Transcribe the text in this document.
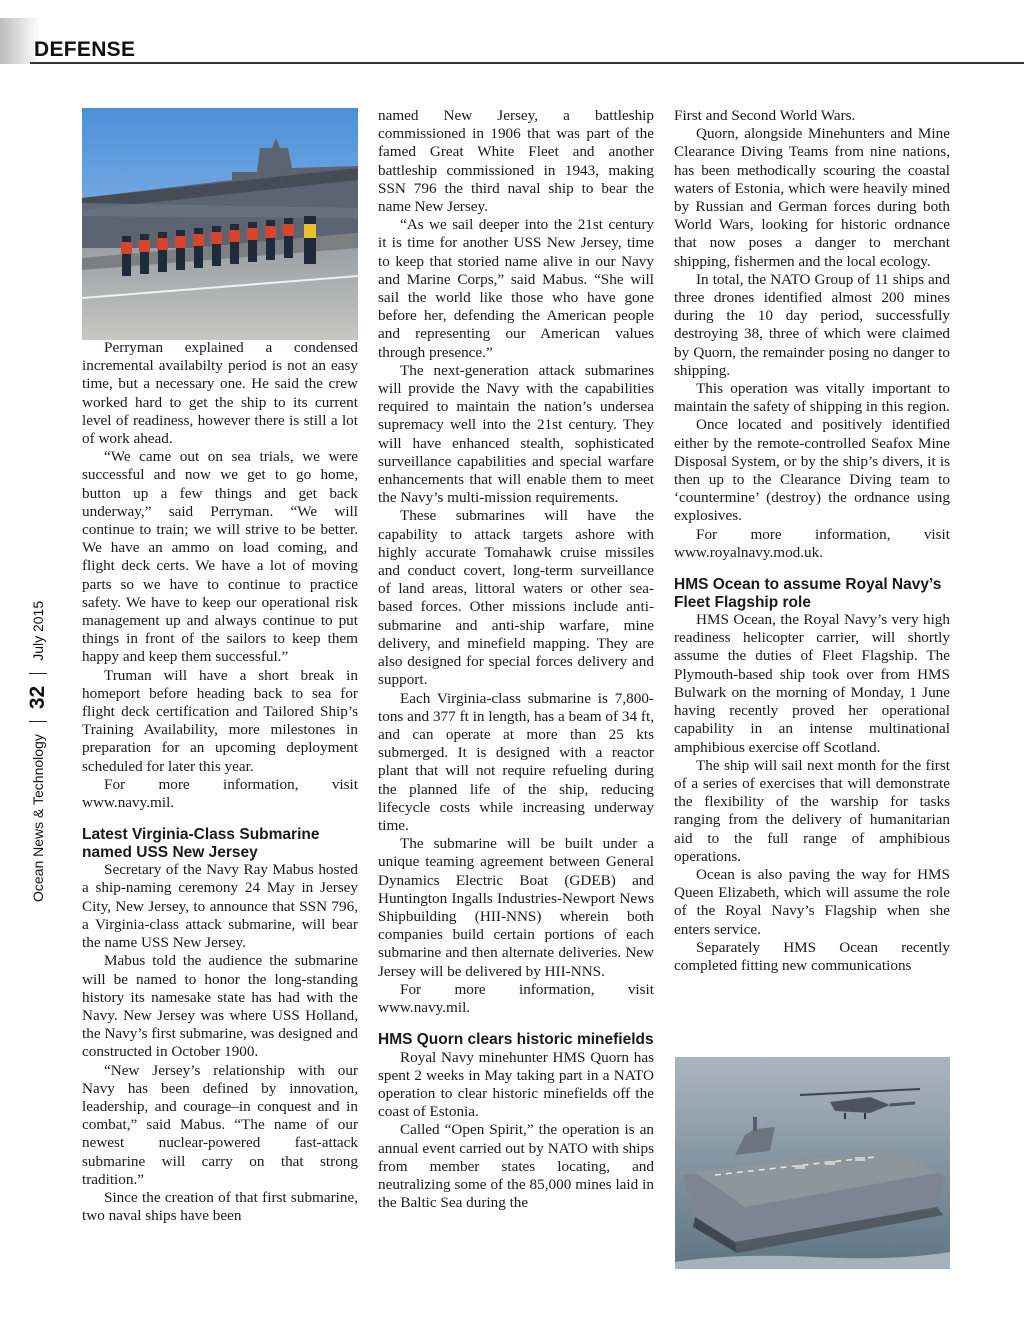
DEFENSE
Ocean News & Technology
32
July 2015

Perryman explained a condensed incremental availabilty period is not an easy time, but a necessary one. He said the crew worked hard to get the ship to its current level of readiness, however there is still a lot of work ahead.

“We came out on sea trials, we were successful and now we get to go home, button up a few things and get back underway,” said Perryman. “We will continue to train; we will strive to be better. We have an ammo on load coming, and flight deck certs. We have a lot of moving parts so we have to continue to practice safety. We have to keep our operational risk management up and always continue to put things in front of the sailors to keep them happy and keep them successful.”

Truman will have a short break in homeport before heading back to sea for flight deck certification and Tailored Ship’s Training Availability, more milestones in preparation for an upcoming deployment scheduled for later this year.

For more information, visit www.navy.mil.

Latest Virginia-Class Submarine named USS New Jersey

Secretary of the Navy Ray Mabus hosted a ship-naming ceremony 24 May in Jersey City, New Jersey, to announce that SSN 796, a Virginia-class attack submarine, will bear the name USS New Jersey.

Mabus told the audience the submarine will be named to honor the long-standing history its namesake state has had with the Navy. New Jersey was where USS Holland, the Navy’s first submarine, was designed and constructed in October 1900.

“New Jersey’s relationship with our Navy has been defined by innovation, leadership, and courage–in conquest and in combat,” said Mabus. “The name of our newest nuclear-powered fast-attack submarine will carry on that strong tradition.”

Since the creation of that first submarine, two naval ships have been

named New Jersey, a battleship commissioned in 1906 that was part of the famed Great White Fleet and another battleship commissioned in 1943, making SSN 796 the third naval ship to bear the name New Jersey.

“As we sail deeper into the 21st century it is time for another USS New Jersey, time to keep that storied name alive in our Navy and Marine Corps,” said Mabus. “She will sail the world like those who have gone before her, defending the American people and representing our American values through presence.”

The next-generation attack submarines will provide the Navy with the capabilities required to maintain the nation’s undersea supremacy well into the 21st century. They will have enhanced stealth, sophisticated surveillance capabilities and special warfare enhancements that will enable them to meet the Navy’s multi-mission requirements.

These submarines will have the capability to attack targets ashore with highly accurate Tomahawk cruise missiles and conduct covert, long-term surveillance of land areas, littoral waters or other sea-based forces. Other missions include anti-submarine and anti-ship warfare, mine delivery, and minefield mapping. They are also designed for special forces delivery and support.

Each Virginia-class submarine is 7,800-tons and 377 ft in length, has a beam of 34 ft, and can operate at more than 25 kts submerged. It is designed with a reactor plant that will not require refueling during the planned life of the ship, reducing lifecycle costs while increasing underway time.

The submarine will be built under a unique teaming agreement between General Dynamics Electric Boat (GDEB) and Huntington Ingalls Industries-Newport News Shipbuilding (HII-NNS) wherein both companies build certain portions of each submarine and then alternate deliveries. New Jersey will be delivered by HII-NNS.

For more information, visit www.navy.mil.

HMS Quorn clears historic minefields

Royal Navy minehunter HMS Quorn has spent 2 weeks in May taking part in a NATO operation to clear historic minefields off the coast of Estonia.

Called “Open Spirit,” the operation is an annual event carried out by NATO with ships from member states locating, and neutralizing some of the 85,000 mines laid in the Baltic Sea during the

First and Second World Wars.

Quorn, alongside Minehunters and Mine Clearance Diving Teams from nine nations, has been methodically scouring the coastal waters of Estonia, which were heavily mined by Russian and German forces during both World Wars, looking for historic ordnance that now poses a danger to merchant shipping, fishermen and the local ecology.

In total, the NATO Group of 11 ships and three drones identified almost 200 mines during the 10 day period, successfully destroying 38, three of which were claimed by Quorn, the remainder posing no danger to shipping.

This operation was vitally important to maintain the safety of shipping in this region.

Once located and positively identified either by the remote-controlled Seafox Mine Disposal System, or by the ship’s divers, it is then up to the Clearance Diving team to ‘countermine’ (destroy) the ordnance using explosives.

For more information, visit www.royalnavy.mod.uk.

HMS Ocean to assume Royal Navy’s Fleet Flagship role

HMS Ocean, the Royal Navy’s very high readiness helicopter carrier, will shortly assume the duties of Fleet Flagship. The Plymouth-based ship took over from HMS Bulwark on the morning of Monday, 1 June having recently proved her operational capability in an intense multinational amphibious exercise off Scotland.

The ship will sail next month for the first of a series of exercises that will demonstrate the flexibility of the warship for tasks ranging from the delivery of humanitarian aid to the full range of amphibious operations.

Ocean is also paving the way for HMS Queen Elizabeth, which will assume the role of the Royal Navy’s Flagship when she enters service.

Separately HMS Ocean recently completed fitting new communications
